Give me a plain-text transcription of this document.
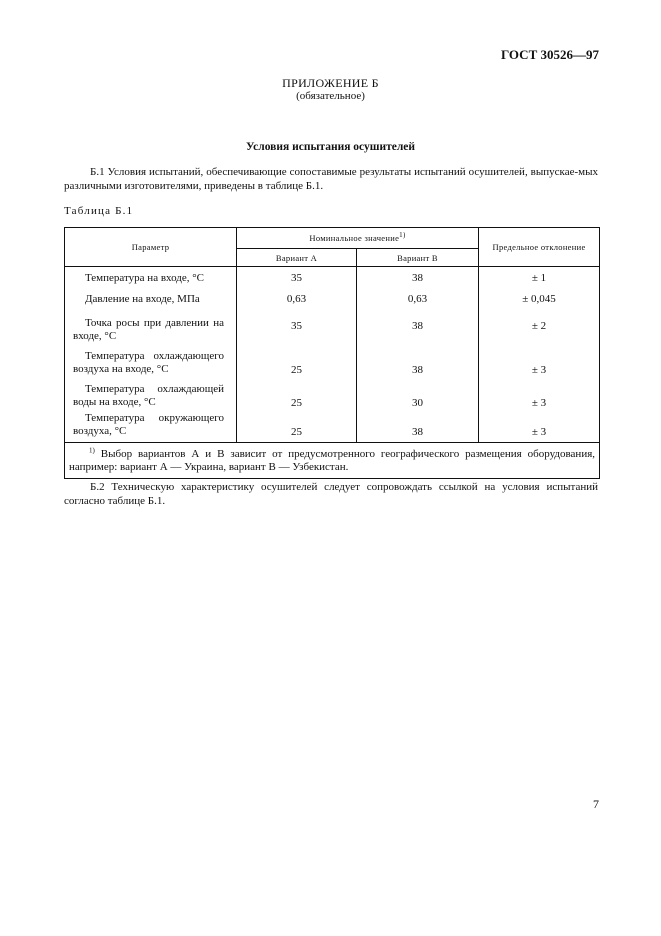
ГОСТ 30526—97
ПРИЛОЖЕНИЕ Б
(обязательное)
Условия испытания осушителей
Б.1 Условия испытаний, обеспечивающие сопоставимые результаты испытаний осушителей, выпускае-мых различными изготовителями, приведены в таблице Б.1.
Таблица Б.1
Параметр	Номинальное значение$^{1)}$		Предельное отклонение
	Вариант А	Вариант В	
Температура на входе, °С	35	38	± 1
Давление на входе, МПа	0,63	0,63	± 0,045

Точка росы при давлении на
входе, °С	35	38	± 2

Температура охлаждающего
воздуха на входе, °С	25	38	± 3

Температура охлаждающей
воды на входе, °С	25	30	± 3

Температура окружающего
воздуха, °С	25	38	± 3
$^{1)}$ Выбор вариантов А и В зависит от предусмотренного географического размещения оборудования, например: вариант А — Украина, вариант В — Узбекистан.			
Б.2 Техническую характеристику осушителей следует сопровождать ссылкой на условия испытаний согласно таблице Б.1.
7
